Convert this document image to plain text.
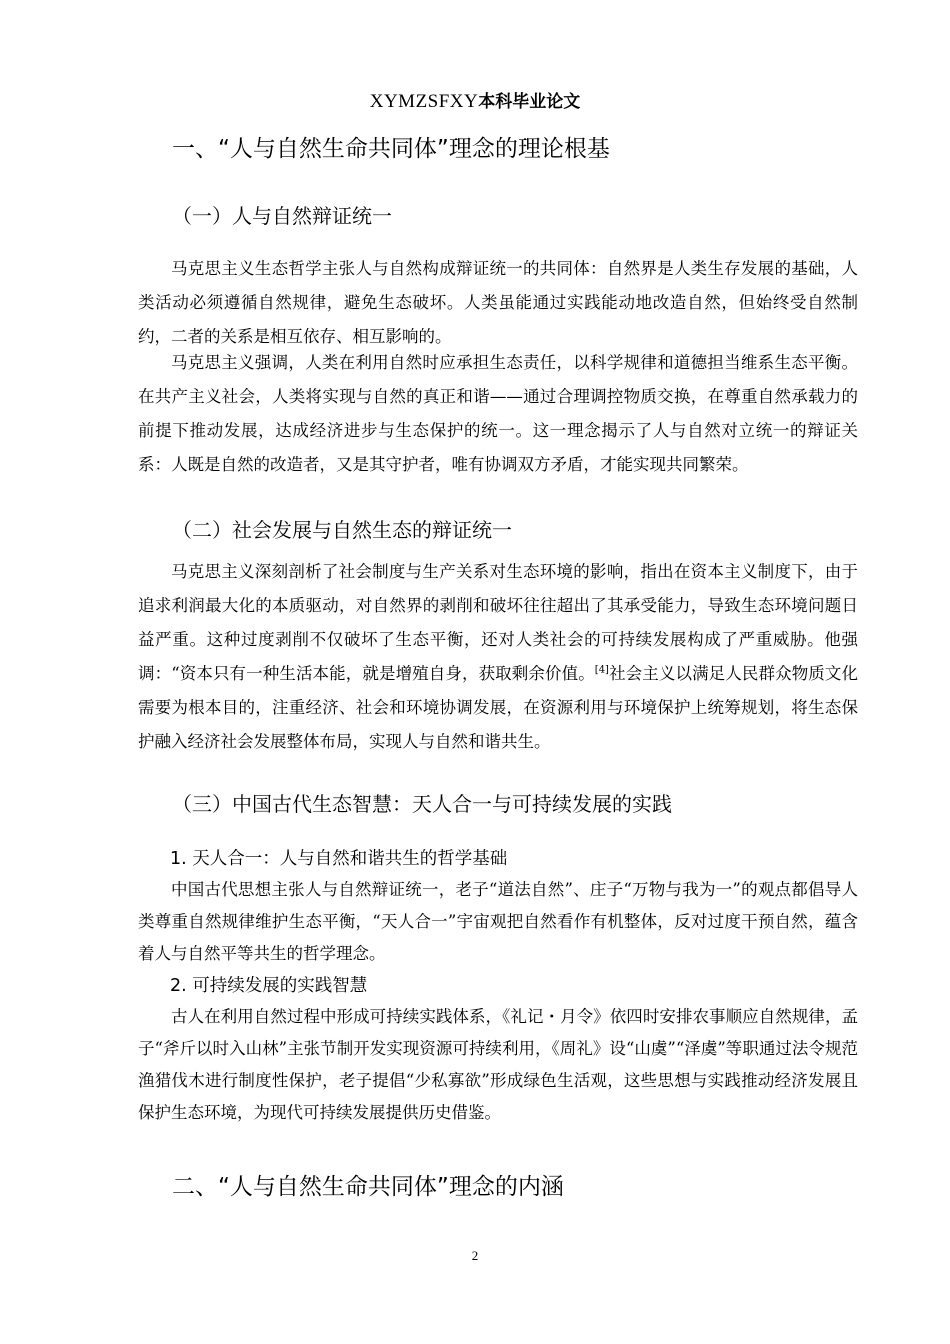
XYMZSFXY本科毕业论文
一、“人与自然生命共同体”理念的理论根基
（一）人与自然辩证统一

马克思主义生态哲学主张人与自然构成辩证统一的共同体：自然界是人类生存发展的基础，人类活动必须遵循自然规律，避免生态破坏。人类虽能通过实践能动地改造自然，但始终受自然制约，二者的关系是相互依存、相互影响的。

马克思主义强调，人类在利用自然时应承担生态责任，以科学规律和道德担当维系生态平衡。在共产主义社会，人类将实现与自然的真正和谐——通过合理调控物质交换，在尊重自然承载力的前提下推动发展，达成经济进步与生态保护的统一。这一理念揭示了人与自然对立统一的辩证关系：人既是自然的改造者，又是其守护者，唯有协调双方矛盾，才能实现共同繁荣。

（二）社会发展与自然生态的辩证统一

马克思主义深刻剖析了社会制度与生产关系对生态环境的影响，指出在资本主义制度下，由于追求利润最大化的本质驱动，对自然界的剥削和破坏往往超出了其承受能力，导致生态环境问题日益严重。这种过度剥削不仅破坏了生态平衡，还对人类社会的可持续发展构成了严重威胁。他强调：“资本只有一种生活本能，就是增殖自身，获取剩余价值。[4]社会主义以满足人民群众物质文化需要为根本目的，注重经济、社会和环境协调发展，在资源利用与环境保护上统筹规划，将生态保护融入经济社会发展整体布局，实现人与自然和谐共生。

（三）中国古代生态智慧：天人合一与可持续发展的实践
1. 天人合一：人与自然和谐共生的哲学基础

中国古代思想主张人与自然辩证统一，老子“道法自然”、庄子“万物与我为一”的观点都倡导人类尊重自然规律维护生态平衡，“天人合一”宇宙观把自然看作有机整体，反对过度干预自然，蕴含着人与自然平等共生的哲学理念。

2. 可持续发展的实践智慧

古人在利用自然过程中形成可持续实践体系，《礼记・月令》依四时安排农事顺应自然规律，孟子“斧斤以时入山林”主张节制开发实现资源可持续利用，《周礼》设“山虞”“泽虞”等职通过法令规范渔猎伐木进行制度性保护，老子提倡“少私寡欲”形成绿色生活观，这些思想与实践推动经济发展且保护生态环境，为现代可持续发展提供历史借鉴。

二、“人与自然生命共同体”理念的内涵
2
